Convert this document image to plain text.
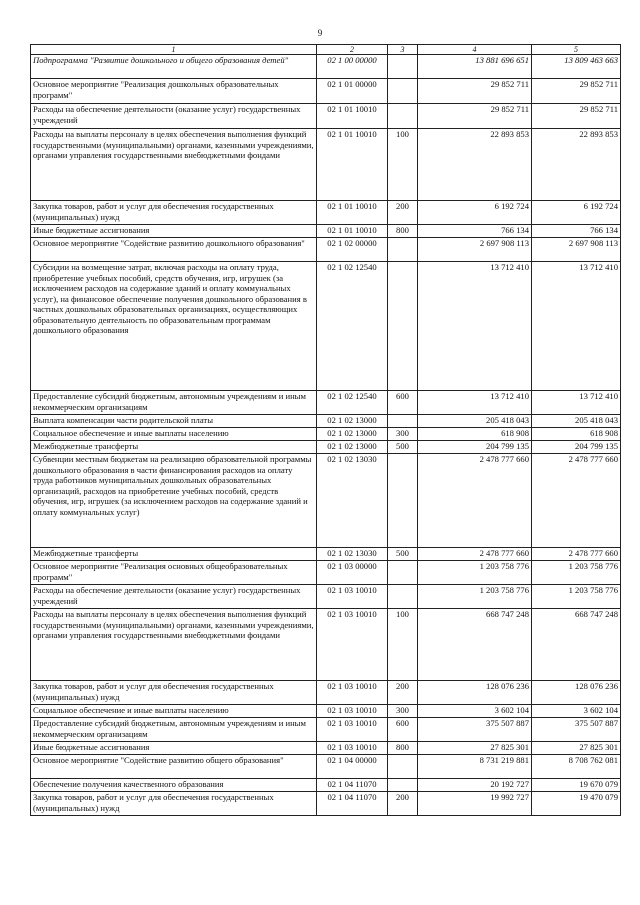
9
1	2	3	4	5
Подпрограмма "Развитие дошкольного и общего образования детей"	02 1 00 00000		13 881 696 651	13 809 463 663
Основное мероприятие "Реализация дошкольных образовательных программ"	02 1 01 00000		29 852 711	29 852 711
Расходы на обеспечение деятельности (оказание услуг) государственных учреждений	02 1 01 10010		29 852 711	29 852 711
Расходы на выплаты персоналу в целях обеспечения выполнения функций государственными (муниципальными) органами, казенными учреждениями, органами управления государственными внебюджетными фондами	02 1 01 10010	100	22 893 853	22 893 853
Закупка товаров, работ и услуг для обеспечения государственных (муниципальных) нужд	02 1 01 10010	200	6 192 724	6 192 724
Иные бюджетные ассигнования	02 1 01 10010	800	766 134	766 134
Основное мероприятие "Содействие развитию дошкольного образования"	02 1 02 00000		2 697 908 113	2 697 908 113
Субсидии на возмещение затрат, включая расходы на оплату труда, приобретение учебных пособий, средств обучения, игр, игрушек (за исключением расходов на содержание зданий и оплату коммунальных услуг), на финансовое обеспечение получения дошкольного образования в частных дошкольных образовательных организациях, осуществляющих образовательную деятельность по образовательным программам дошкольного образования	02 1 02 12540		13 712 410	13 712 410
Предоставление субсидий бюджетным, автономным учреждениям и иным некоммерческим организациям	02 1 02 12540	600	13 712 410	13 712 410
Выплата компенсации части родительской платы	02 1 02 13000		205 418 043	205 418 043
Социальное обеспечение и иные выплаты населению	02 1 02 13000	300	618 908	618 908
Межбюджетные трансферты	02 1 02 13000	500	204 799 135	204 799 135
Субвенции местным бюджетам на реализацию образовательной программы дошкольного образования в части финансирования расходов на оплату труда работников муниципальных дошкольных образовательных организаций, расходов на приобретение учебных пособий, средств обучения, игр, игрушек (за исключением расходов на содержание зданий и оплату коммунальных услуг)	02 1 02 13030		2 478 777 660	2 478 777 660
Межбюджетные трансферты	02 1 02 13030	500	2 478 777 660	2 478 777 660
Основное мероприятие "Реализация основных общеобразовательных программ"	02 1 03 00000		1 203 758 776	1 203 758 776
Расходы на обеспечение деятельности (оказание услуг) государственных учреждений	02 1 03 10010		1 203 758 776	1 203 758 776
Расходы на выплаты персоналу в целях обеспечения выполнения функций государственными (муниципальными) органами, казенными учреждениями, органами управления государственными внебюджетными фондами	02 1 03 10010	100	668 747 248	668 747 248
Закупка товаров, работ и услуг для обеспечения государственных (муниципальных) нужд	02 1 03 10010	200	128 076 236	128 076 236
Социальное обеспечение и иные выплаты населению	02 1 03 10010	300	3 602 104	3 602 104
Предоставление субсидий бюджетным, автономным учреждениям и иным некоммерческим организациям	02 1 03 10010	600	375 507 887	375 507 887
Иные бюджетные ассигнования	02 1 03 10010	800	27 825 301	27 825 301
Основное мероприятие "Содействие развитию общего образования"	02 1 04 00000		8 731 219 881	8 708 762 081
Обеспечение получения качественного образования	02 1 04 11070		20 192 727	19 670 079
Закупка товаров, работ и услуг для обеспечения государственных (муниципальных) нужд	02 1 04 11070	200	19 992 727	19 470 079
